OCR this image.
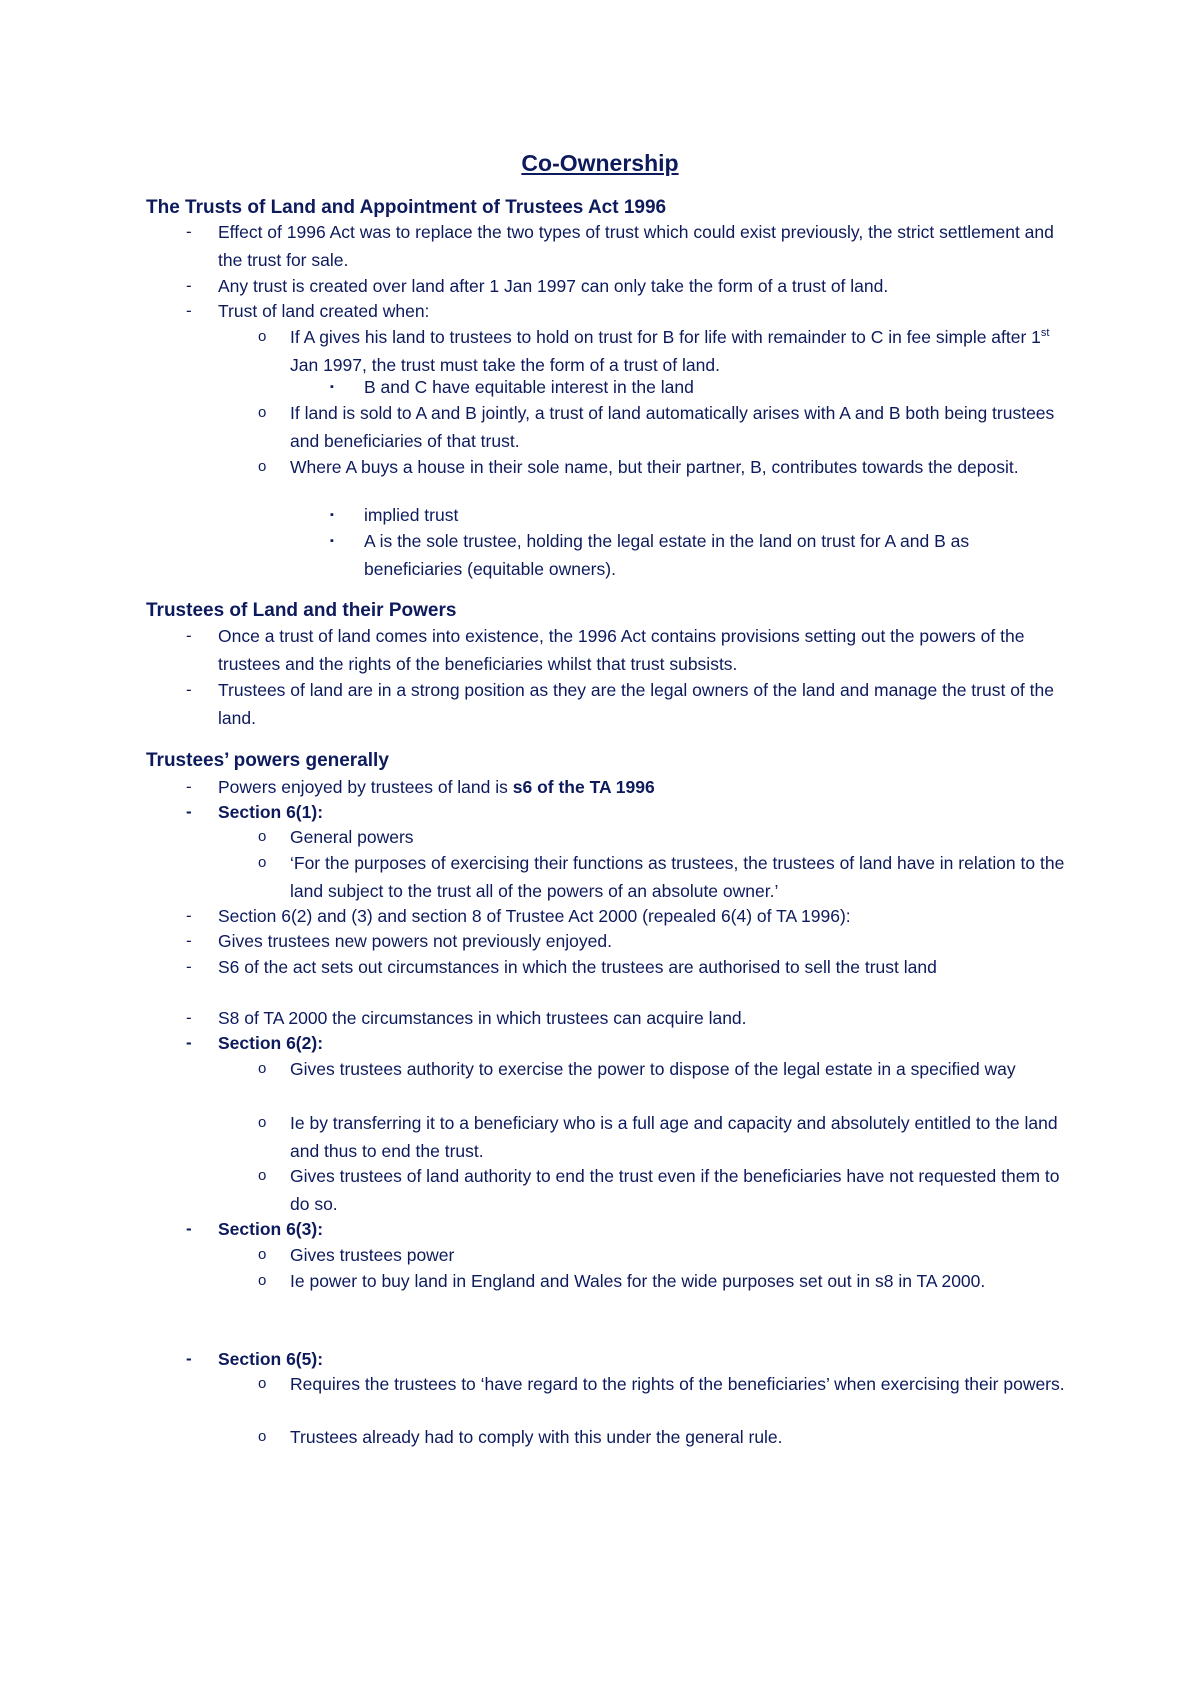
Co-Ownership
The Trusts of Land and Appointment of Trustees Act 1996
- Effect of 1996 Act was to replace the two types of trust which could exist previously, the strict settlement and the trust for sale.
- Any trust is created over land after 1 Jan 1997 can only take the form of a trust of land.
- Trust of land created when:
o If A gives his land to trustees to hold on trust for B for life with remainder to C in fee simple after 1st Jan 1997, the trust must take the form of a trust of land.
▪ B and C have equitable interest in the land
o If land is sold to A and B jointly, a trust of land automatically arises with A and B both being trustees and beneficiaries of that trust.
o Where A buys a house in their sole name, but their partner, B, contributes towards the deposit.
▪ implied trust
▪ A is the sole trustee, holding the legal estate in the land on trust for A and B as beneficiaries (equitable owners).
Trustees of Land and their Powers
- Once a trust of land comes into existence, the 1996 Act contains provisions setting out the powers of the trustees and the rights of the beneficiaries whilst that trust subsists.
- Trustees of land are in a strong position as they are the legal owners of the land and manage the trust of the land.
Trustees’ powers generally
- Powers enjoyed by trustees of land is s6 of the TA 1996
- Section 6(1):
o General powers
o ‘For the purposes of exercising their functions as trustees, the trustees of land have in relation to the land subject to the trust all of the powers of an absolute owner.’
- Section 6(2) and (3) and section 8 of Trustee Act 2000 (repealed 6(4) of TA 1996):
- Gives trustees new powers not previously enjoyed.
- S6 of the act sets out circumstances in which the trustees are authorised to sell the trust land
- S8 of TA 2000 the circumstances in which trustees can acquire land.
- Section 6(2):
o Gives trustees authority to exercise the power to dispose of the legal estate in a specified way
o Ie by transferring it to a beneficiary who is a full age and capacity and absolutely entitled to the land and thus to end the trust.
o Gives trustees of land authority to end the trust even if the beneficiaries have not requested them to do so.
- Section 6(3):
o Gives trustees power
o Ie power to buy land in England and Wales for the wide purposes set out in s8 in TA 2000.
- Section 6(5):
o Requires the trustees to ‘have regard to the rights of the beneficiaries’ when exercising their powers.
o Trustees already had to comply with this under the general rule.
